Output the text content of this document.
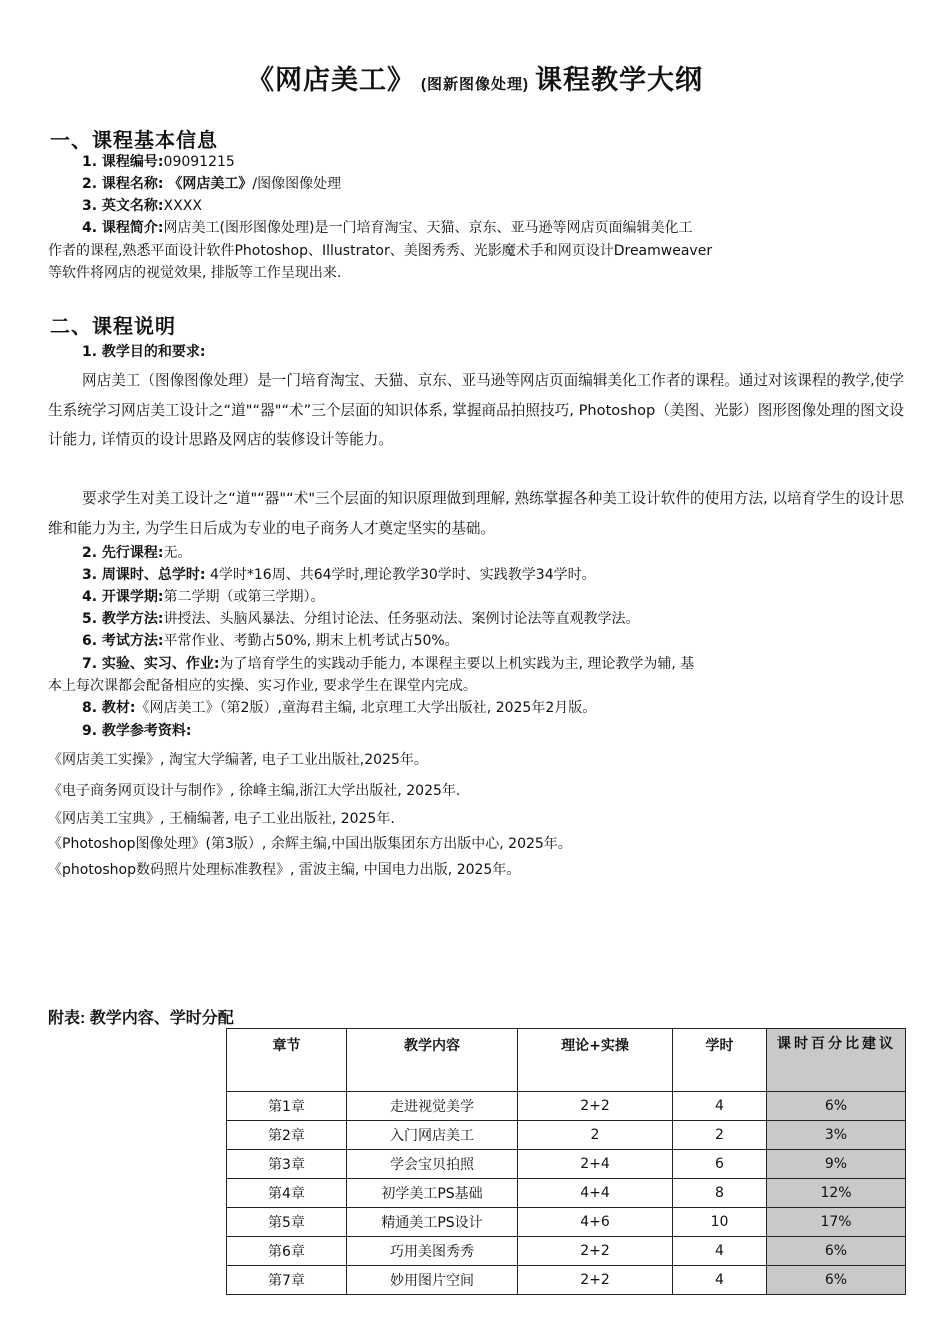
《网店美工》 (图新图像处理) 课程教学大纲
一、课程基本信息
1. 课程编号:09091215
2. 课程名称: 《网店美工》/图像图像处理
3. 英文名称:XXXX
4. 课程简介:网店美工(图形图像处理)是一门培育淘宝、天猫、京东、亚马逊等网店页面编辑美化工
作者的课程,熟悉平面设计软件Photoshop、Illustrator、美图秀秀、光影魔术手和网页设计Dreamweaver
等软件将网店的视觉效果, 排版等工作呈现出来.
二、课程说明
1. 教学目的和要求:
网店美工（图像图像处理）是一门培育淘宝、天猫、京东、亚马逊等网店页面编辑美化工作者的课程。通过对该课程的教学,使学生系统学习网店美工设计之“道"“器"“术”三个层面的知识体系, 掌握商品拍照技巧, Photoshop（美图、光影）图形图像处理的图文设计能力, 详情页的设计思路及网店的装修设计等能力。
要求学生对美工设计之“道"“器"“术"三个层面的知识原理做到理解, 熟练掌握各种美工设计软件的使用方法, 以培育学生的设计思维和能力为主, 为学生日后成为专业的电子商务人才奠定坚实的基础。
2. 先行课程:无。
3. 周课时、总学时: 4学时*16周、共64学时,理论教学30学时、实践教学34学时。
4. 开课学期:第二学期（或第三学期）。
5. 教学方法:讲授法、头脑风暴法、分组讨论法、任务驱动法、案例讨论法等直观教学法。
6. 考试方法:平常作业、考勤占50%, 期末上机考试占50%。
7. 实验、实习、作业:为了培育学生的实践动手能力, 本课程主要以上机实践为主, 理论教学为辅, 基
本上每次课都会配备相应的实操、实习作业, 要求学生在课堂内完成。
8. 教材:《网店美工》（第2版）,童海君主编, 北京理工大学出版社, 2025年2月版。
9. 教学参考资料:
《网店美工实操》, 淘宝大学编著, 电子工业出版社,2025年。
《电子商务网页设计与制作》, 徐峰主编,浙江大学出版社, 2025年.
《网店美工宝典》, 王楠编著, 电子工业出版社, 2025年.
《Photoshop图像处理》(第3版）, 余辉主编,中国出版集团东方出版中心, 2025年。
《photoshop数码照片处理标准教程》, 雷波主编, 中国电力出版, 2025年。
附表: 教学内容、学时分配
章节	教学内容	理论+实操	学时	课时百分比建议
第1章	走进视觉美学	2+2	4	6%
第2章	入门网店美工	2	2	3%
第3章	学会宝贝拍照	2+4	6	9%
第4章	初学美工PS基础	4+4	8	12%
第5章	精通美工PS设计	4+6	10	17%
第6章	巧用美图秀秀	2+2	4	6%
第7章	妙用图片空间	2+2	4	6%
